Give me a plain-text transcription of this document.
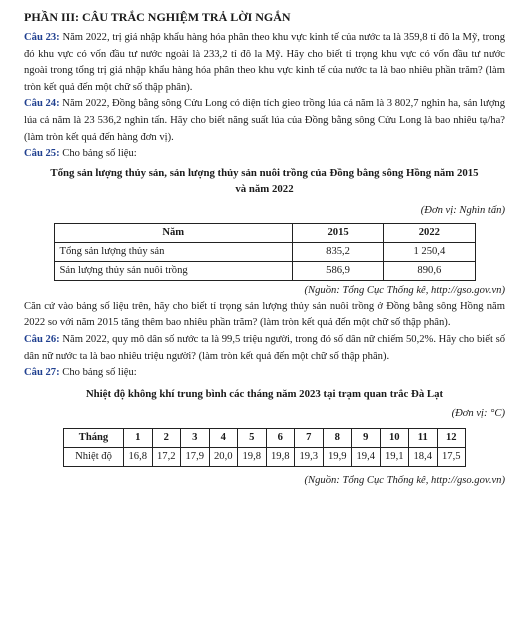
PHẦN III: CÂU TRẮC NGHIỆM TRẢ LỜI NGẮN

Câu 23: Năm 2022, trị giá nhập khẩu hàng hóa phân theo khu vực kinh tế của nước ta là 359,8 tỉ đô la Mỹ, trong đó khu vực có vốn đầu tư nước ngoài là 233,2 tỉ đô la Mỹ. Hãy cho biết tỉ trọng khu vực có vốn đầu tư nước ngoài trong tổng trị giá nhập khẩu hàng hóa phân theo khu vực kinh tế của nước ta là bao nhiêu phần trăm? (làm tròn kết quả đến một chữ số thập phân).

Câu 24: Năm 2022, Đồng bằng sông Cửu Long có diện tích gieo trồng lúa cả năm là 3 802,7 nghìn ha, sản lượng lúa cả năm là 23 536,2 nghìn tấn. Hãy cho biết năng suất lúa của Đồng bằng sông Cửu Long là bao nhiêu tạ/ha? (làm tròn kết quả đến hàng đơn vị).

Câu 25: Cho bảng số liệu:

Tổng sản lượng thủy sản, sản lượng thủy sản nuôi trồng của Đồng bằng sông Hồng năm 2015
và năm 2022
(Đơn vị: Nghìn tấn)
Năm	2015	2022
Tổng sản lượng thủy sản	835,2	1 250,4
Sản lượng thủy sản nuôi trồng	586,9	890,6
(Nguồn: Tổng Cục Thống kê, http://gso.gov.vn)

Căn cứ vào bảng số liệu trên, hãy cho biết tỉ trọng sản lượng thủy sản nuôi trồng ở Đồng bằng sông Hồng năm 2022 so với năm 2015 tăng thêm bao nhiêu phần trăm? (làm tròn kết quả đến một chữ số thập phân).

Câu 26: Năm 2022, quy mô dân số nước ta là 99,5 triệu người, trong đó số dân nữ chiếm 50,2%. Hãy cho biết số dân nữ nước ta là bao nhiêu triệu người? (làm tròn kết quả đến một chữ số thập phân).

Câu 27: Cho bảng số liệu:

Nhiệt độ không khí trung bình các tháng năm 2023 tại trạm quan trắc Đà Lạt
(Đơn vị: °C)
Tháng	1	2	3	4	5	6	7	8	9	10	11	12
Nhiệt độ	16,8	17,2	17,9	20,0	19,8	19,8	19,3	19,9	19,4	19,1	18,4	17,5
(Nguồn: Tổng Cục Thống kê, http://gso.gov.vn)
